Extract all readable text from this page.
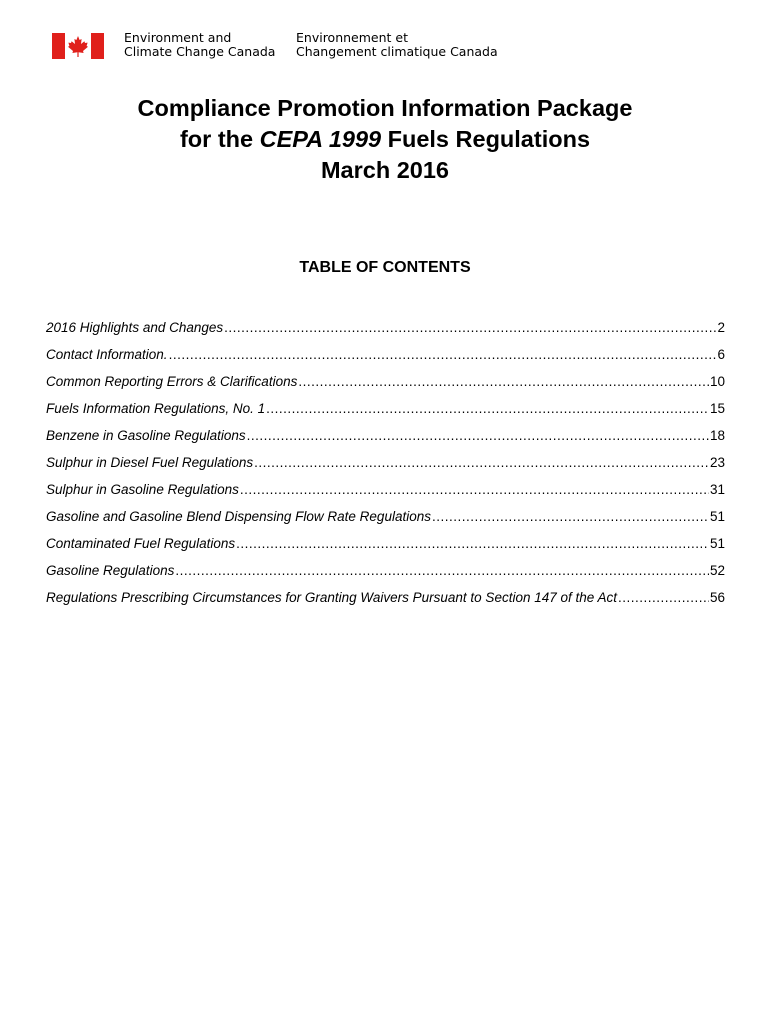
Environment and
Climate Change Canada
Environnement et
Changement climatique Canada
Compliance Promotion Information Package
for the CEPA 1999 Fuels Regulations
March 2016
TABLE OF CONTENTS
2016 Highlights and Changes .....	2
Contact Information. .....	6
Common Reporting Errors & Clarifications .....	10
Fuels Information Regulations, No. 1 .....	15
Benzene in Gasoline Regulations .....	18
Sulphur in Diesel Fuel Regulations .....	23
Sulphur in Gasoline Regulations .....	31
Gasoline and Gasoline Blend Dispensing Flow Rate Regulations .....	51
Contaminated Fuel Regulations .....	51
Gasoline Regulations .....	52
Regulations Prescribing Circumstances for Granting Waivers Pursuant to Section 147 of the Act .....	56
